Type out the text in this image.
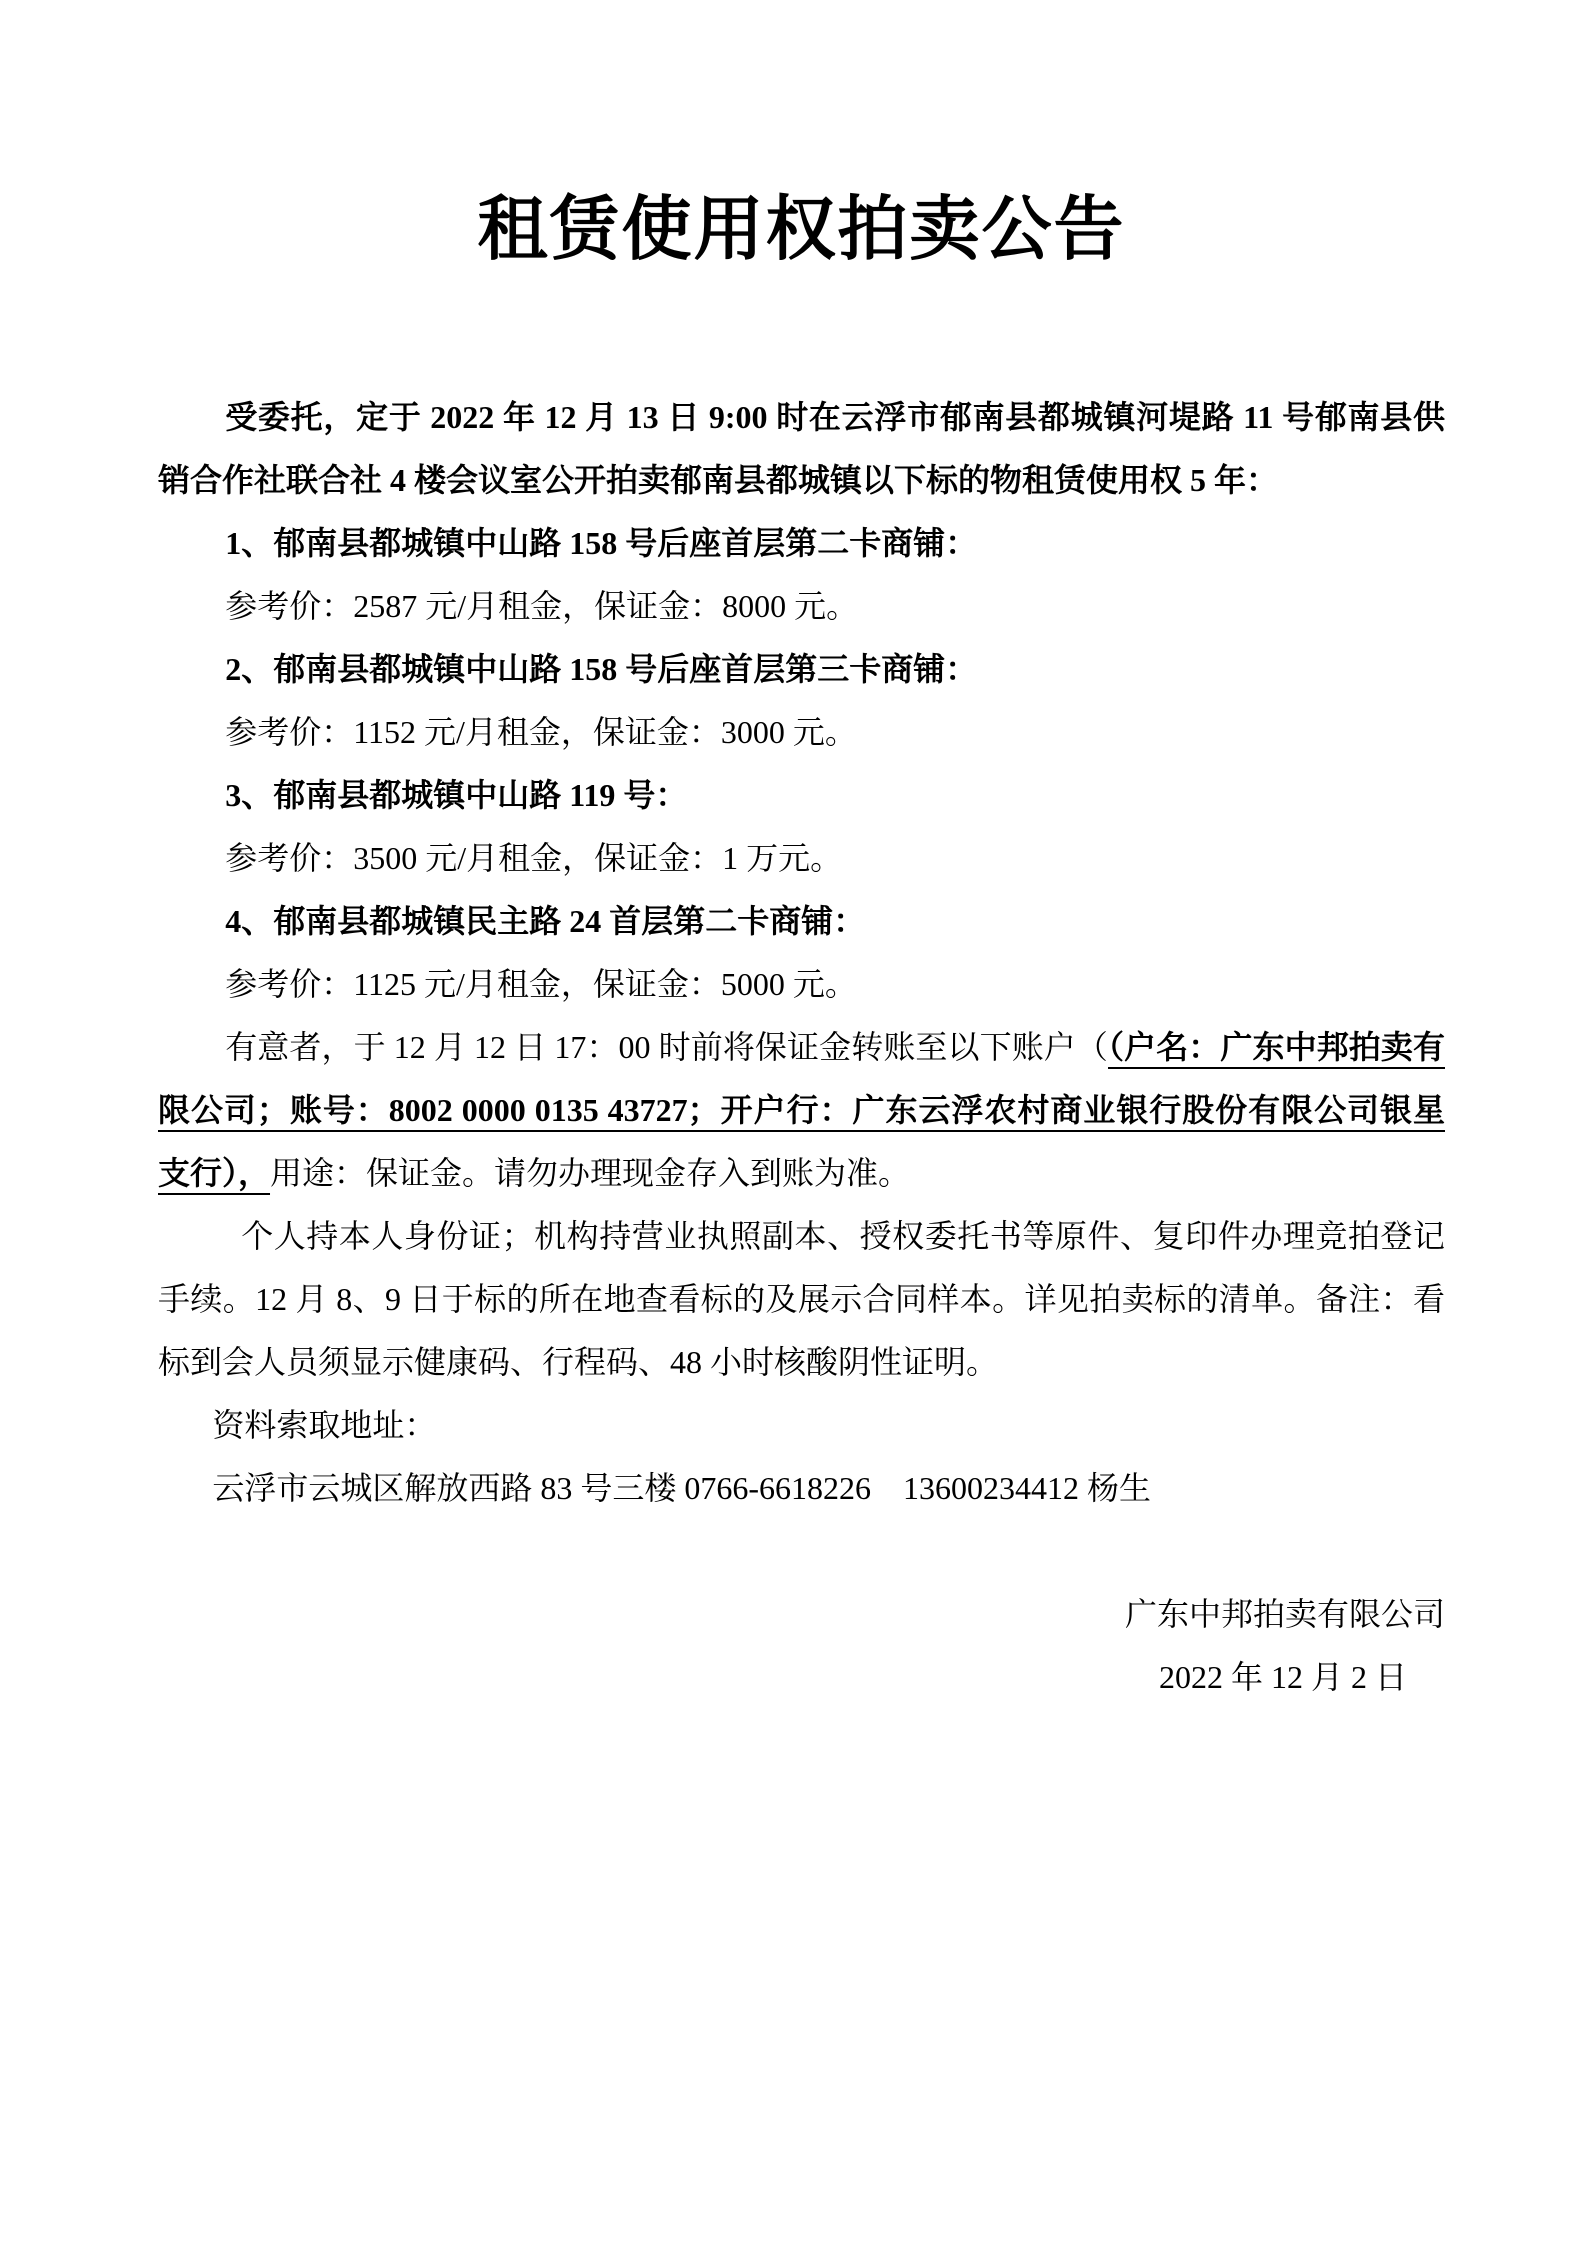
租赁使用权拍卖公告

受委托，定于 2022 年 12 月 13 日 9:00 时在云浮市郁南县都城镇河堤路 11 号郁南县供销合作社联合社 4 楼会议室公开拍卖郁南县都城镇以下标的物租赁使用权 5 年：

1、郁南县都城镇中山路 158 号后座首层第二卡商铺：

参考价：2587 元/月租金，保证金：8000 元。

2、郁南县都城镇中山路 158 号后座首层第三卡商铺：

参考价：1152 元/月租金，保证金：3000 元。

3、郁南县都城镇中山路 119 号：

参考价：3500 元/月租金，保证金：1 万元。

4、郁南县都城镇民主路 24 首层第二卡商铺：

参考价：1125 元/月租金，保证金：5000 元。

有意者，于 12 月 12 日 17：00 时前将保证金转账至以下账户（（户名：广东中邦拍卖有限公司；账号：8002 0000 0135 43727；开户行：广东云浮农村商业银行股份有限公司银星支行），用途：保证金。请勿办理现金存入到账为准。

个人持本人身份证；机构持营业执照副本、授权委托书等原件、复印件办理竞拍登记手续。12 月 8、9 日于标的所在地查看标的及展示合同样本。详见拍卖标的清单。备注：看标到会人员须显示健康码、行程码、48 小时核酸阴性证明。

资料索取地址：

云浮市云城区解放西路 83 号三楼 0766-6618226　13600234412 杨生

广东中邦拍卖有限公司

2022 年 12 月 2 日
